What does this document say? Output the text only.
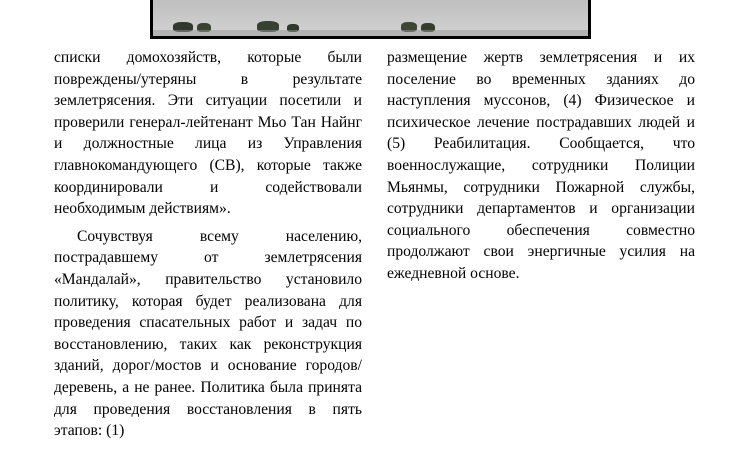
списки домохозяйств, которые были повреждены/утеряны в результате землетрясения. Эти ситуации посетили и проверили генерал-лейтенант Мьо Тан Найнг и должностные лица из Управления главнокомандующего (СВ), которые также координировали и содействовали необходимым действиям».

Сочувствуя всему населению, пострадавшему от землетрясения «Мандалай», правительство установило политику, которая будет реализована для проведения спасательных работ и задач по восстановлению, таких как реконструкция зданий, дорог/мостов и основание городов/деревень, а не ранее. Политика была принята для проведения восстановления в пять этапов: (1)

размещение жертв землетрясения и их поселение во временных зданиях до наступления муссонов, (4) Физическое и психическое лечение пострадавших людей и (5) Реабилитация. Сообщается, что военнослужащие, сотрудники Полиции Мьянмы, сотрудники Пожарной службы, сотрудники департаментов и организации социального обеспечения совместно продолжают свои энергичные усилия на ежедневной основе.
